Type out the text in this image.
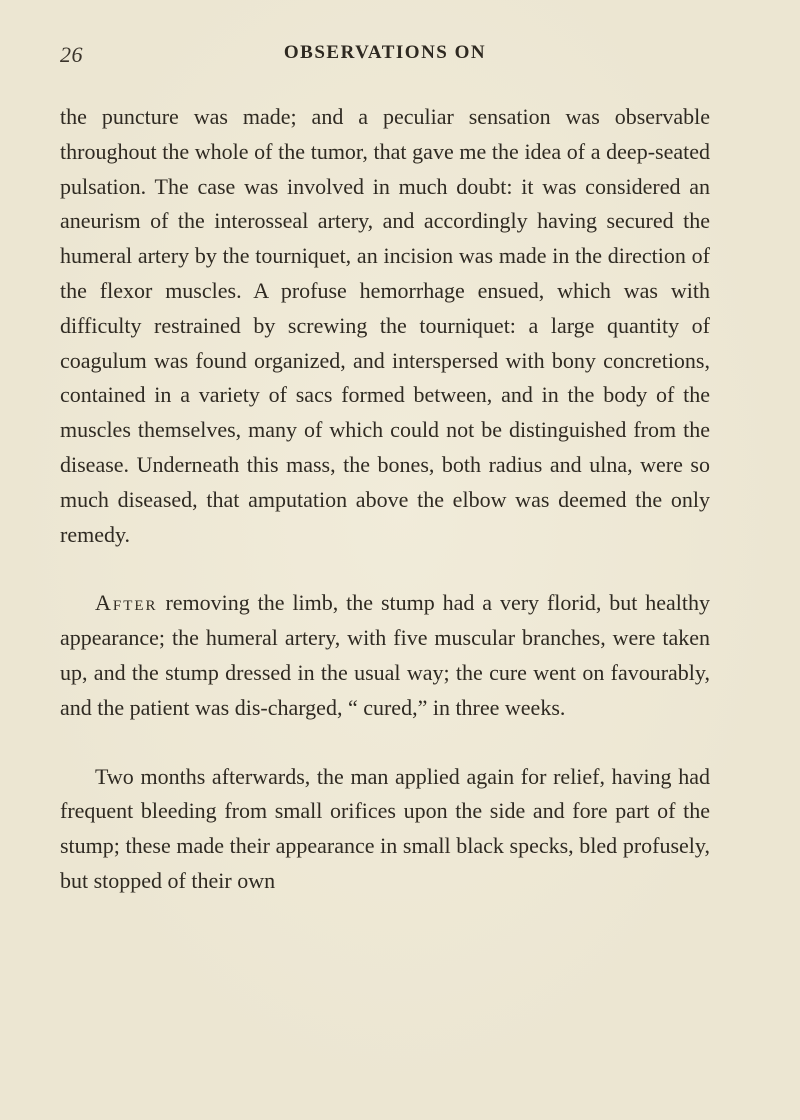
26	OBSERVATIONS ON

the puncture was made; and a peculiar sensation was observable throughout the whole of the tumor, that gave me the idea of a deep-seated pulsation. The case was involved in much doubt: it was considered an aneurism of the interosseal artery, and accordingly having secured the humeral artery by the tourniquet, an incision was made in the direction of the flexor muscles. A profuse hemorrhage ensued, which was with difficulty restrained by screwing the tourniquet: a large quantity of coagulum was found organized, and interspersed with bony concretions, contained in a variety of sacs formed between, and in the body of the muscles themselves, many of which could not be distinguished from the disease. Underneath this mass, the bones, both radius and ulna, were so much diseased, that amputation above the elbow was deemed the only remedy.

After removing the limb, the stump had a very florid, but healthy appearance; the humeral artery, with five muscular branches, were taken up, and the stump dressed in the usual way; the cure went on favourably, and the patient was dis-charged, “ cured,” in three weeks.

Two months afterwards, the man applied again for relief, having had frequent bleeding from small orifices upon the side and fore part of the stump; these made their appearance in small black specks, bled profusely, but stopped of their own
